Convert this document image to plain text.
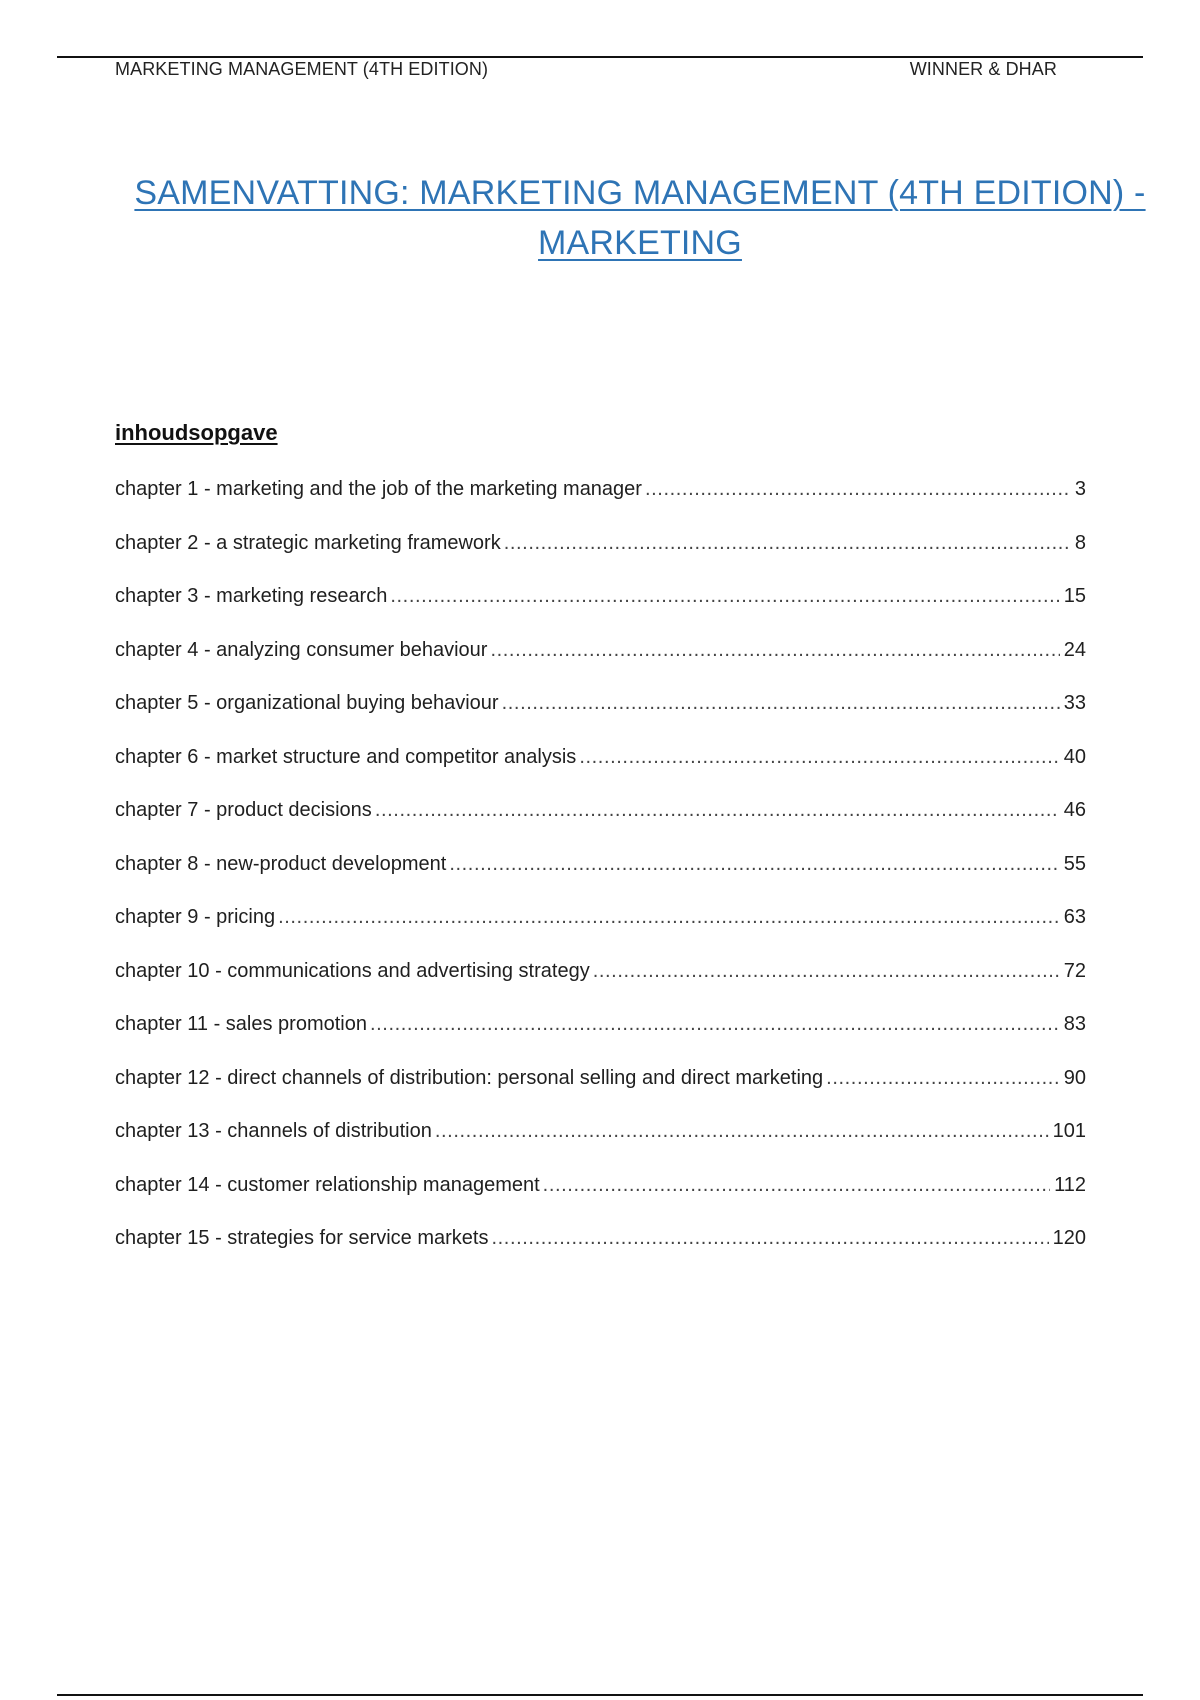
MARKETING MANAGEMENT (4TH EDITION)	WINNER & DHAR
SAMENVATTING: MARKETING MANAGEMENT (4TH EDITION) -
MARKETING
inhoudsopgave
chapter 1 - marketing and the job of the marketing manager .....	3
chapter 2 - a strategic marketing framework .....	8
chapter 3 - marketing research .....	15
chapter 4 - analyzing consumer behaviour .....	24
chapter 5 - organizational buying behaviour .....	33
chapter 6 - market structure and competitor analysis .....	40
chapter 7 - product decisions .....	46
chapter 8 - new-product development .....	55
chapter 9 - pricing .....	63
chapter 10 - communications and advertising strategy .....	72
chapter 11 - sales promotion .....	83
chapter 12 - direct channels of distribution: personal selling and direct marketing .....	90
chapter 13 - channels of distribution .....	101
chapter 14 - customer relationship management .....	112
chapter 15 - strategies for service markets .....	120
